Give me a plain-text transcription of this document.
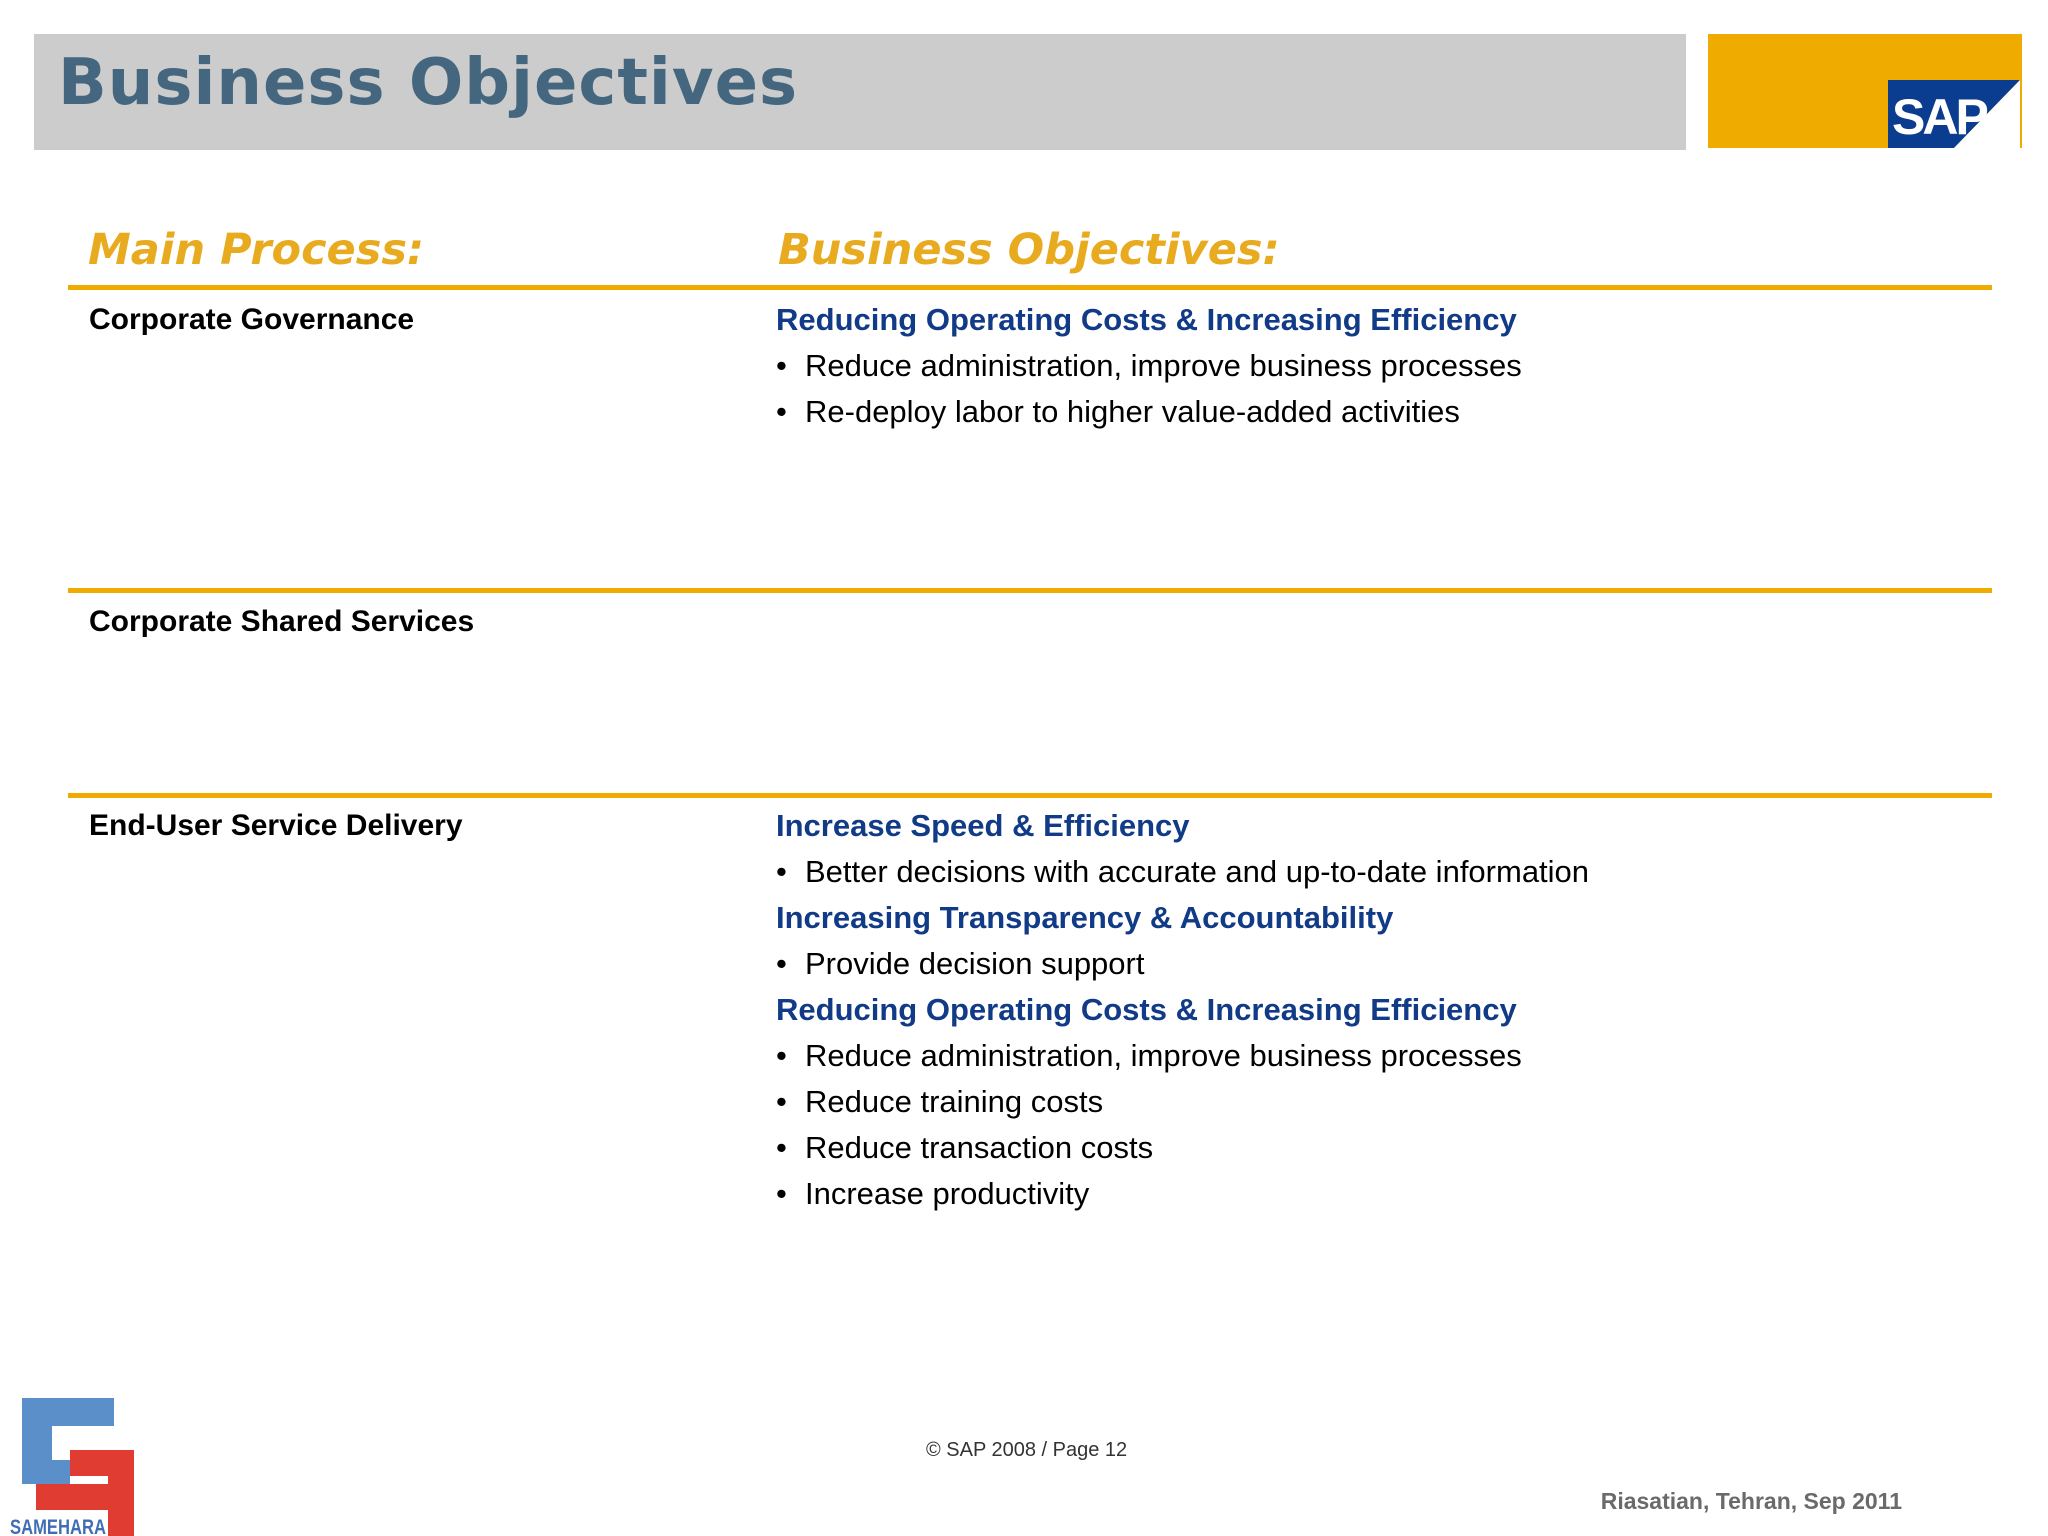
Business Objectives	SAP
Main Process:	Business Objectives:
Corporate Governance	Reducing Operating Costs & Increasing Efficiency
• Reduce administration, improve business processes
• Re-deploy labor to higher value-added activities
Corporate Shared Services
End-User Service Delivery	Increase Speed & Efficiency
• Better decisions with accurate and up-to-date information
Increasing Transparency & Accountability
• Provide decision support
Reducing Operating Costs & Increasing Efficiency
• Reduce administration, improve business processes
• Reduce training costs
• Reduce transaction costs
• Increase productivity
© SAP 2008 / Page 12
Riasatian, Tehran, Sep 2011
SAMEHARA
